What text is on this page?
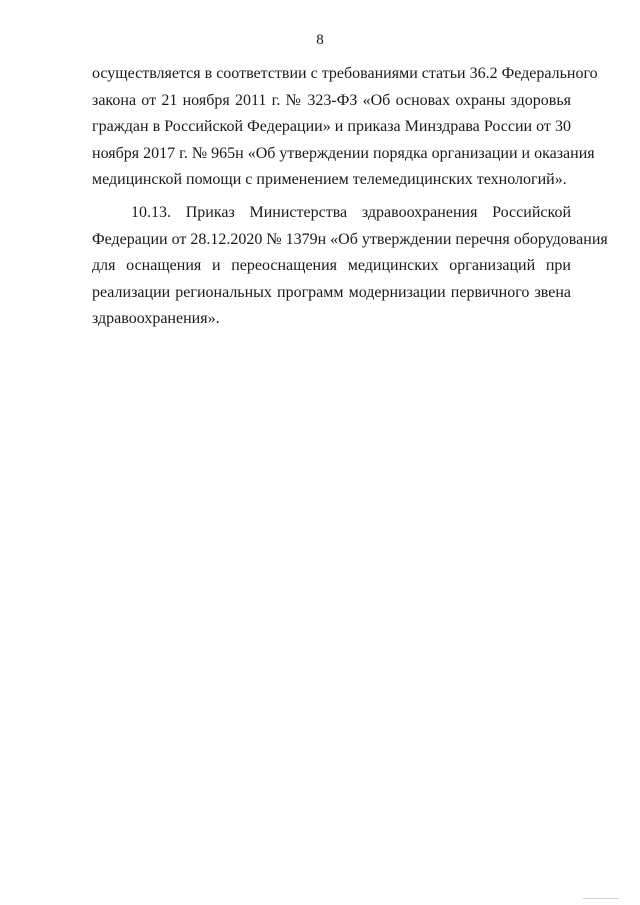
8
осуществляется в соответствии с требованиями статьи 36.2 Федерального
закона от 21 ноября 2011 г. № 323-ФЗ «Об основах охраны здоровья
граждан в Российской Федерации» и приказа Минздрава России от 30
ноября 2017 г. № 965н «Об утверждении порядка организации и оказания
медицинской помощи с применением телемедицинских технологий».
10.13. Приказ Министерства здравоохранения Российской
Федерации от 28.12.2020 № 1379н «Об утверждении перечня оборудования
для оснащения и переоснащения медицинских организаций при
реализации региональных программ модернизации первичного звена
здравоохранения».
